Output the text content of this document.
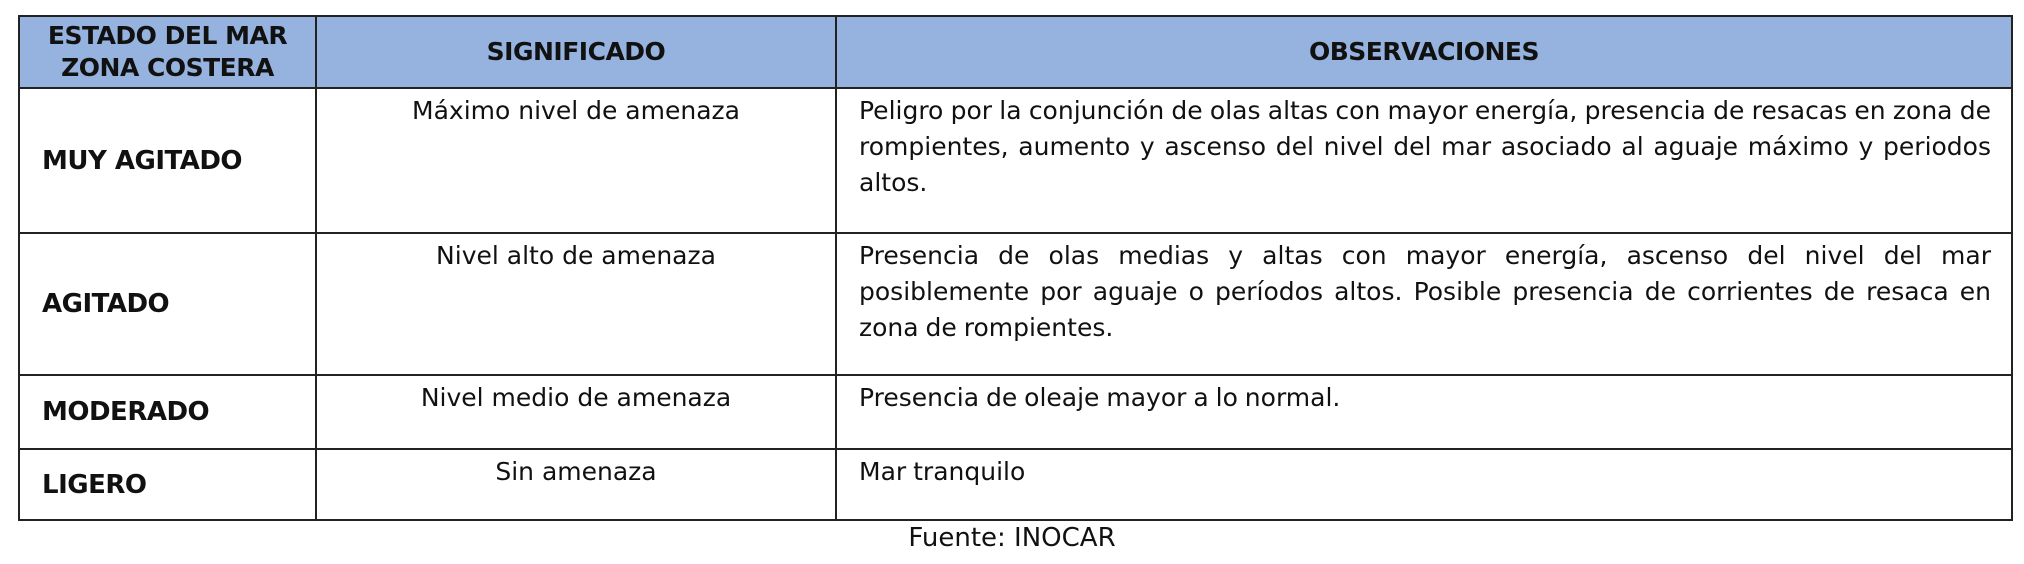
ESTADO DEL MAR ZONA COSTERA	SIGNIFICADO	OBSERVACIONES
MUY AGITADO	Máximo nivel de amenaza	Peligro por la conjunción de olas altas con mayor energía, presencia de resacas en zona de rompientes, aumento y ascenso del nivel del mar asociado al aguaje máximo y periodos altos.
AGITADO	Nivel alto de amenaza	Presencia de olas medias y altas con mayor energía, ascenso del nivel del mar posiblemente por aguaje o períodos altos. Posible presencia de corrientes de resaca en zona de rompientes.
MODERADO	Nivel medio de amenaza	Presencia de oleaje mayor a lo normal.
LIGERO	Sin amenaza	Mar tranquilo
Fuente: INOCAR
